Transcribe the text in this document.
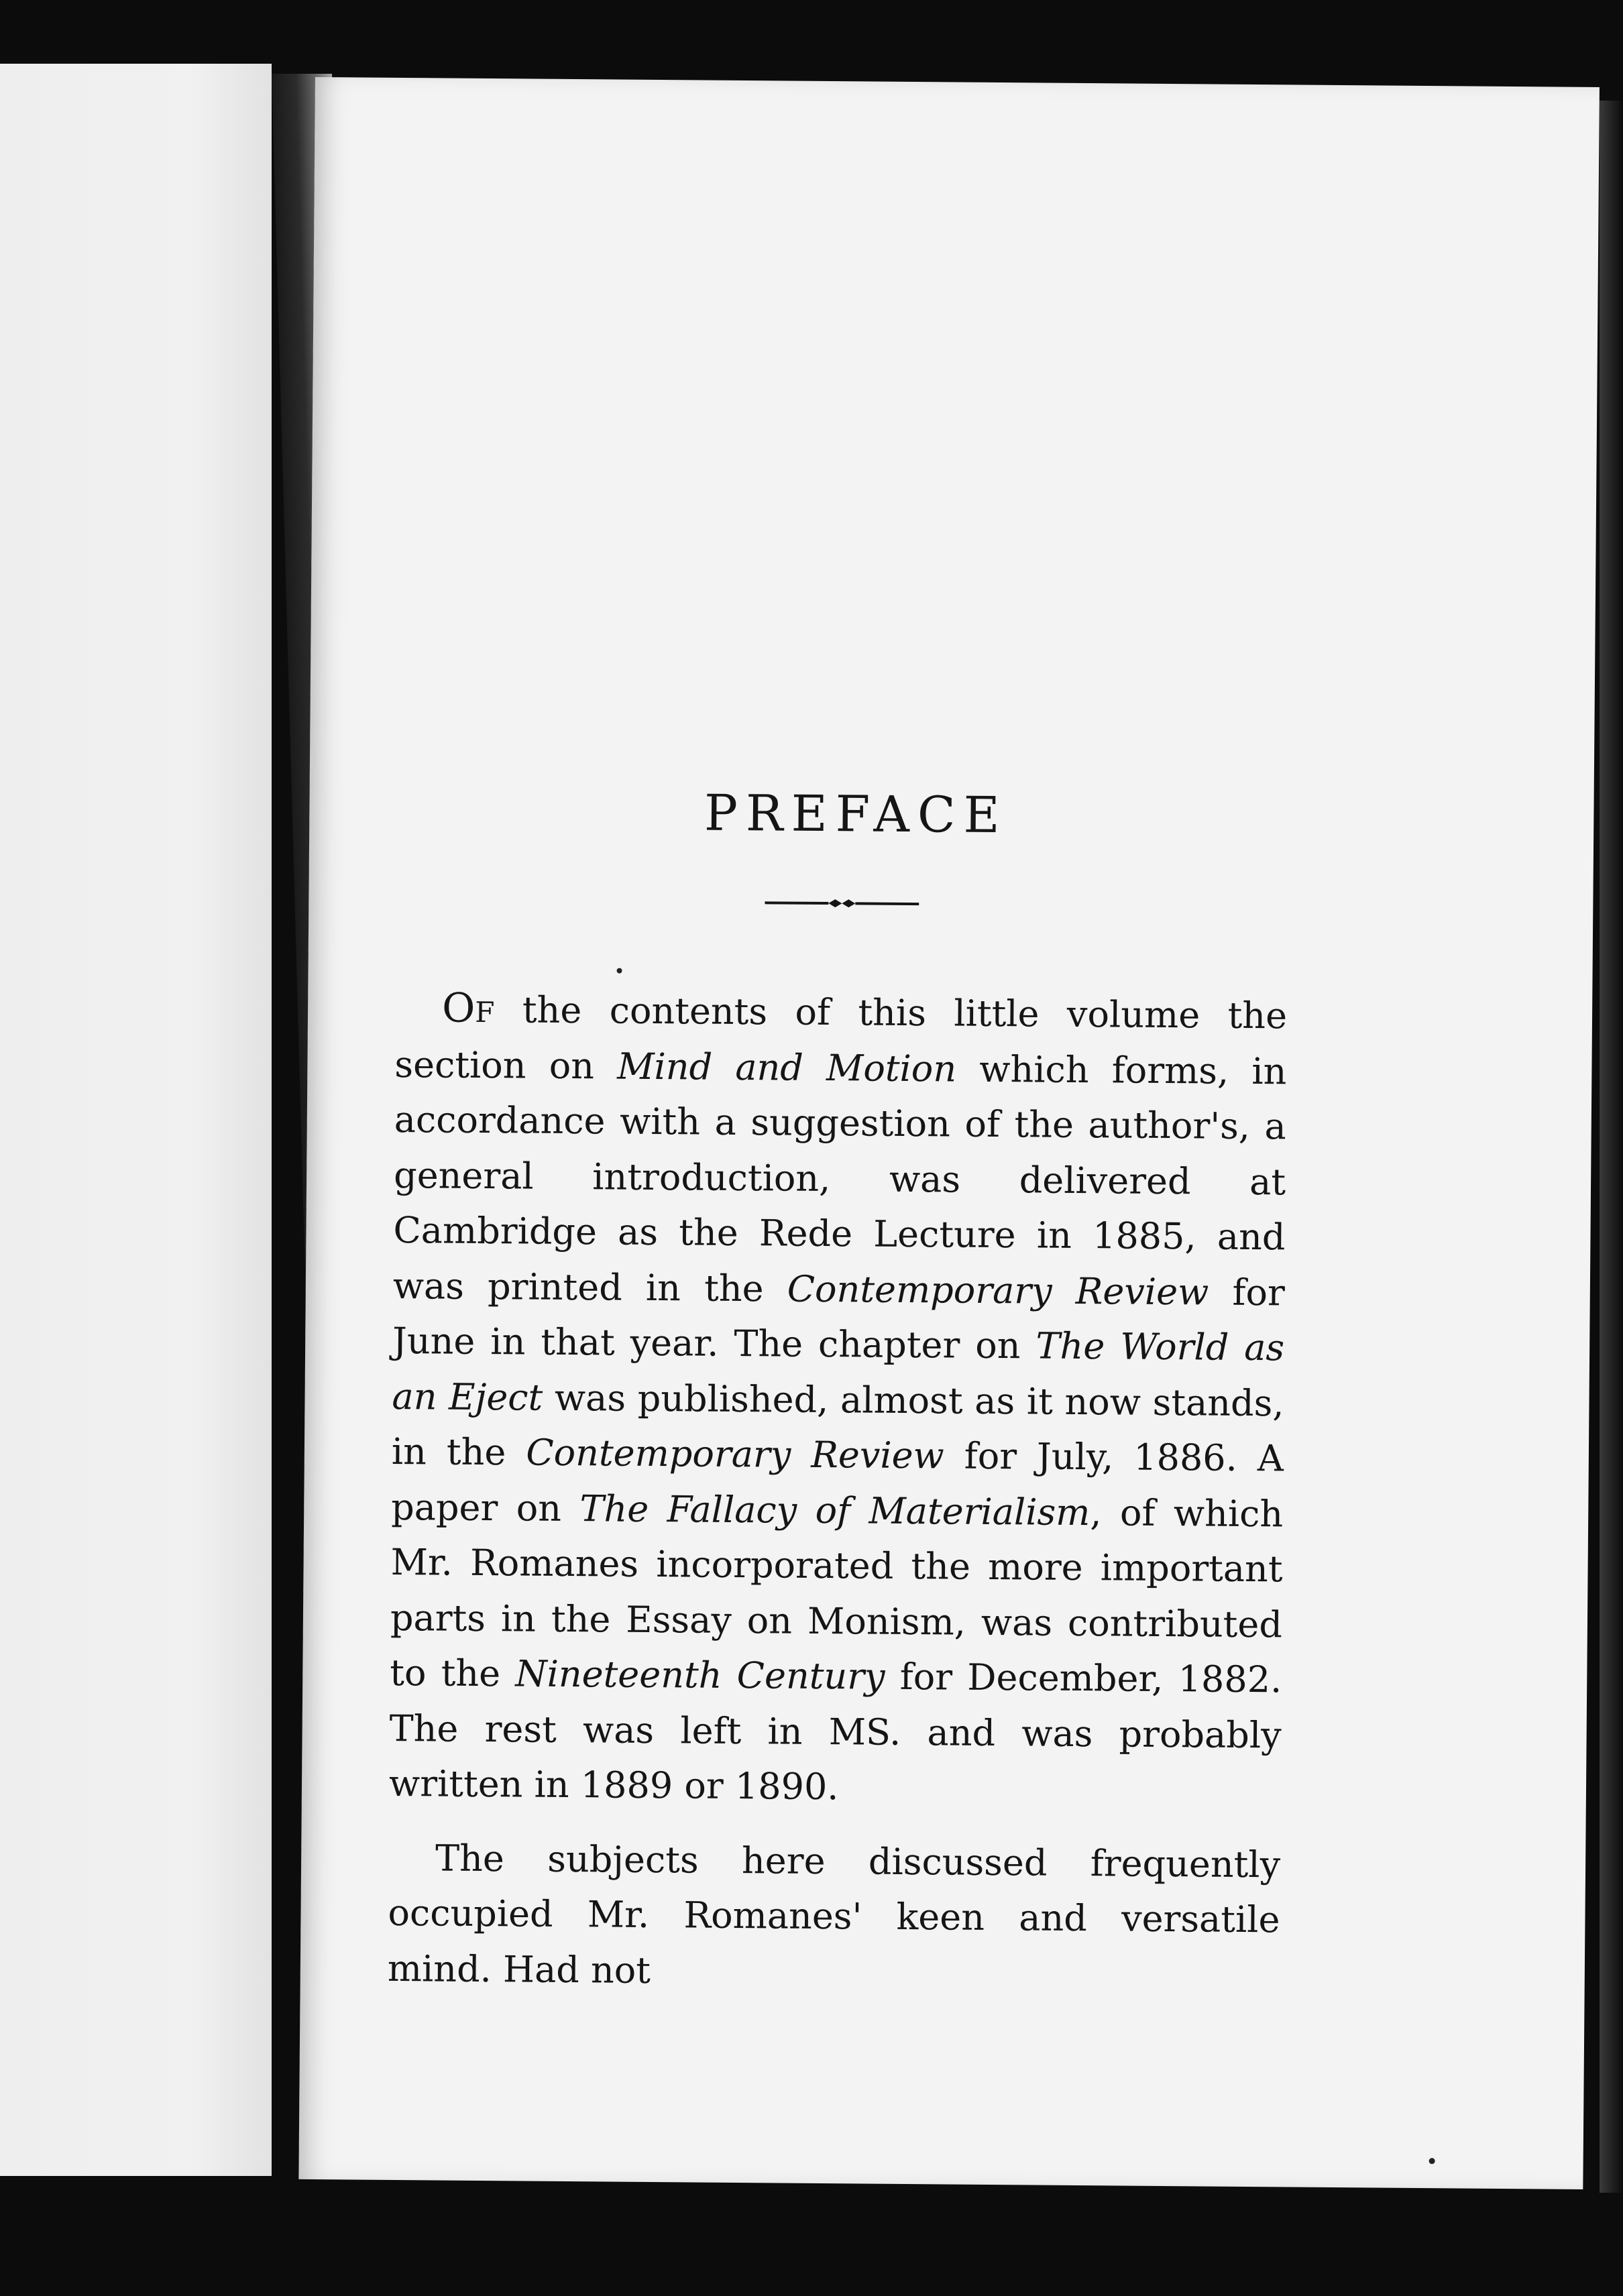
PREFACE

Of the contents of this little volume the section on Mind and Motion which forms, in accordance with a suggestion of the author's, a general introduction, was delivered at Cambridge as the Rede Lecture in 1885, and was printed in the Contemporary Review for June in that year. The chapter on The World as an Eject was published, almost as it now stands, in the Contemporary Review for July, 1886. A paper on The Fallacy of Materialism, of which Mr. Romanes incorporated the more important parts in the Essay on Monism, was contributed to the Nineteenth Century for December, 1882. The rest was left in MS. and was probably written in 1889 or 1890.

The subjects here discussed frequently occupied Mr. Romanes' keen and versatile mind. Had not
